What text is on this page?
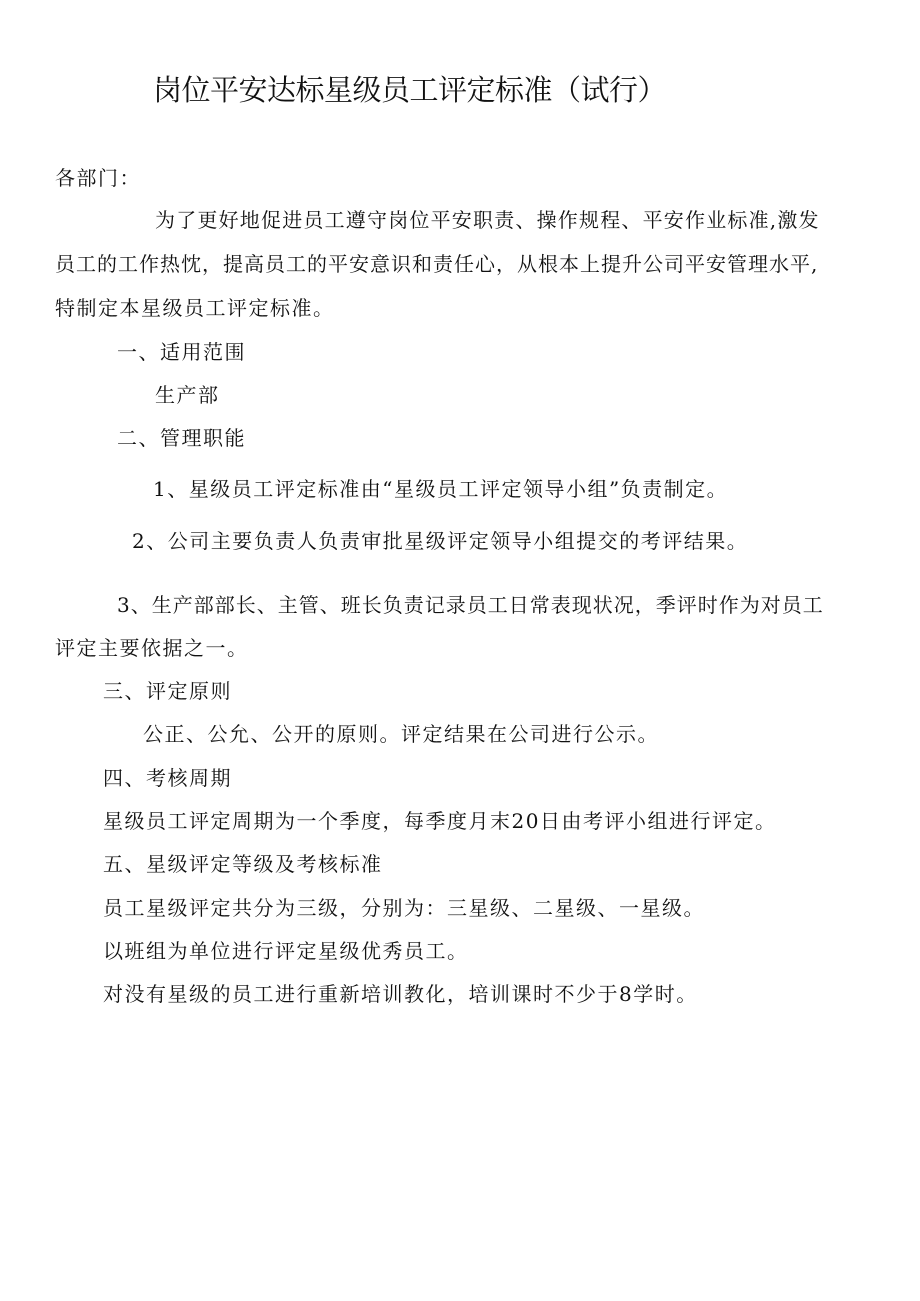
岗位平安达标星级员工评定标准（试行）
各部门：
为了更好地促进员工遵守岗位平安职责、操作规程、平安作业标准,激发
员工的工作热忱，提高员工的平安意识和责任心，从根本上提升公司平安管理水平,
特制定本星级员工评定标准。
一、适用范围
生产部
二、管理职能
1、星级员工评定标准由“星级员工评定领导小组”负责制定。
2、公司主要负责人负责审批星级评定领导小组提交的考评结果。
3、生产部部长、主管、班长负责记录员工日常表现状况，季评时作为对员工
评定主要依据之一。
三、评定原则
公正、公允、公开的原则。评定结果在公司进行公示。
四、考核周期
星级员工评定周期为一个季度，每季度月末20日由考评小组进行评定。
五、星级评定等级及考核标准
员工星级评定共分为三级，分别为：三星级、二星级、一星级。
以班组为单位进行评定星级优秀员工。
对没有星级的员工进行重新培训教化，培训课时不少于8学时。
